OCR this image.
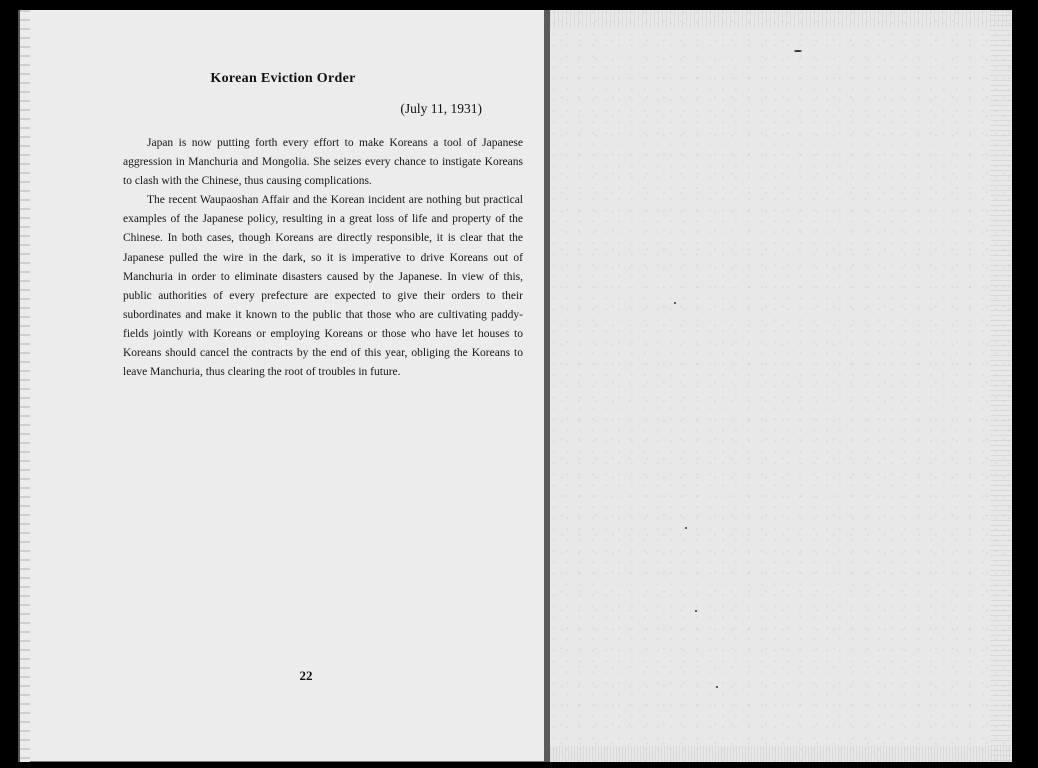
Korean Eviction Order

(July 11, 1931)

Japan is now putting forth every effort to make Koreans a tool of Japanese aggression in Manchuria and Mongolia. She seizes every chance to instigate Koreans to clash with the Chinese, thus causing complications.

The recent Waupaoshan Affair and the Korean incident are nothing but practical examples of the Japanese policy, resulting in a great loss of life and property of the Chinese. In both cases, though Koreans are directly responsible, it is clear that the Japanese pulled the wire in the dark, so it is imperative to drive Koreans out of Manchuria in order to eliminate disasters caused by the Japanese. In view of this, public authorities of every prefecture are expected to give their orders to their subordinates and make it known to the public that those who are cultivating paddy-fields jointly with Koreans or employing Koreans or those who have let houses to Koreans should cancel the contracts by the end of this year, obliging the Koreans to leave Manchuria, thus clearing the root of troubles in future.

22
